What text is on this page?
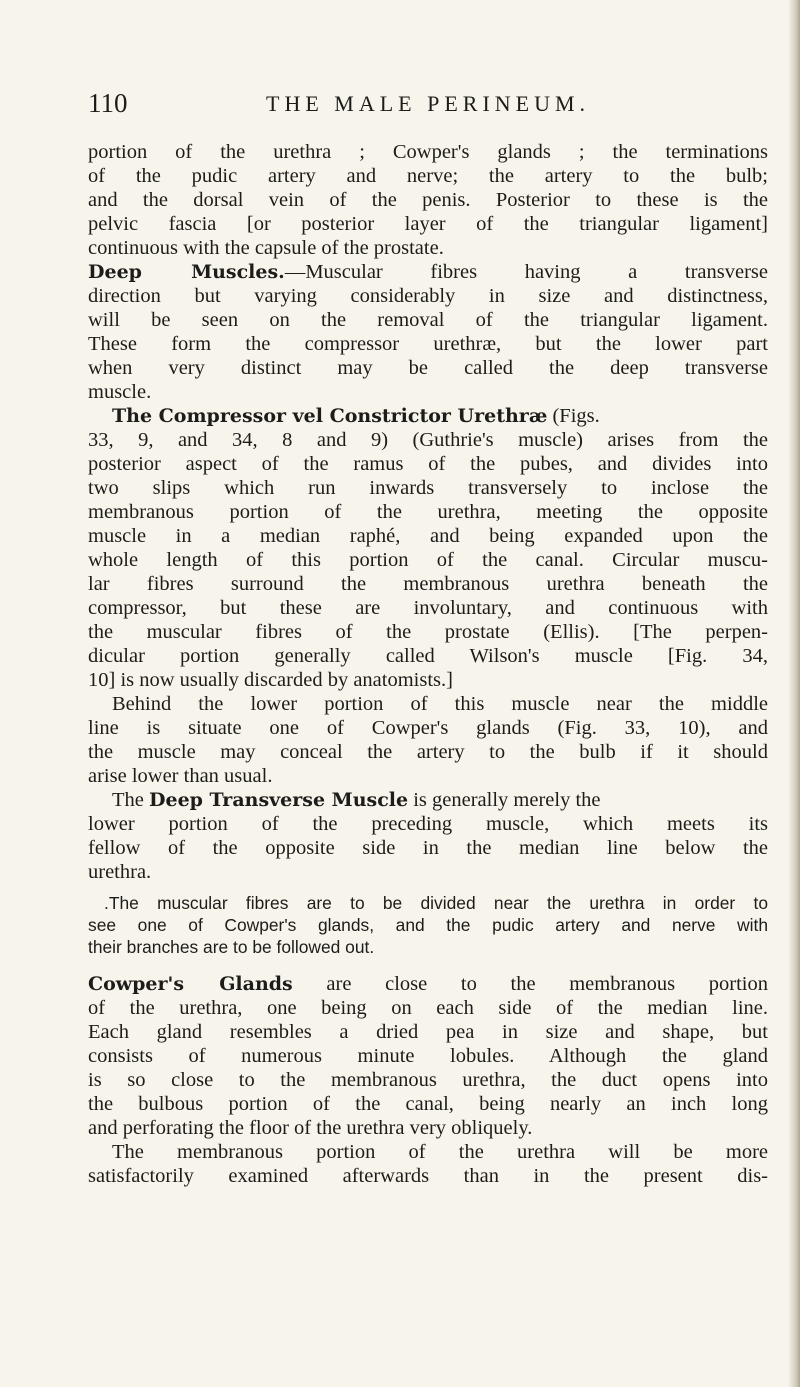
110	THE MALE PERINEUM.
portion of the urethra ; Cowper's glands ; the terminations
of the pudic artery and nerve; the artery to the bulb;
and the dorsal vein of the penis. Posterior to these is the
pelvic fascia [or posterior layer of the triangular ligament]
continuous with the capsule of the prostate.
Deep Muscles.—Muscular fibres having a transverse
direction but varying considerably in size and distinctness,
will be seen on the removal of the triangular ligament.
These form the compressor urethræ, but the lower part
when very distinct may be called the deep transverse
muscle.
The Compressor vel Constrictor Urethræ (Figs.
33, 9, and 34, 8 and 9) (Guthrie's muscle) arises from the
posterior aspect of the ramus of the pubes, and divides into
two slips which run inwards transversely to inclose the
membranous portion of the urethra, meeting the opposite
muscle in a median raphé, and being expanded upon the
whole length of this portion of the canal. Circular muscu-
lar fibres surround the membranous urethra beneath the
compressor, but these are involuntary, and continuous with
the muscular fibres of the prostate (Ellis). [The perpen-
dicular portion generally called Wilson's muscle [Fig. 34,
10] is now usually discarded by anatomists.]
Behind the lower portion of this muscle near the middle
line is situate one of Cowper's glands (Fig. 33, 10), and
the muscle may conceal the artery to the bulb if it should
arise lower than usual.
The Deep Transverse Muscle is generally merely the
lower portion of the preceding muscle, which meets its
fellow of the opposite side in the median line below the
urethra.
.The muscular fibres are to be divided near the urethra in order to
see one of Cowper's glands, and the pudic artery and nerve with
their branches are to be followed out.
Cowper's Glands are close to the membranous portion
of the urethra, one being on each side of the median line.
Each gland resembles a dried pea in size and shape, but
consists of numerous minute lobules. Although the gland
is so close to the membranous urethra, the duct opens into
the bulbous portion of the canal, being nearly an inch long
and perforating the floor of the urethra very obliquely.
The membranous portion of the urethra will be more
satisfactorily examined afterwards than in the present dis-
